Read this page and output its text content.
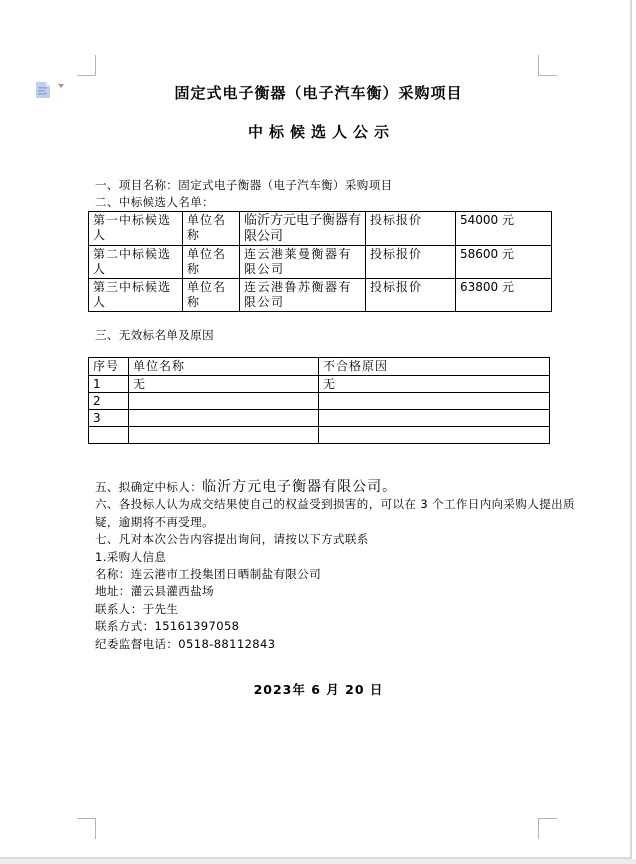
固定式电子衡器（电子汽车衡）采购项目
中标候选人公示
一、项目名称：固定式电子衡器（电子汽车衡）采购项目
二、中标候选人名单：
第一中标候选人	单位名称	临沂方元电子衡器有限公司	投标报价	54000 元
第二中标候选人	单位名称	连云港莱曼衡器有限公司	投标报价	58600 元
第三中标候选人	单位名称	连云港鲁苏衡器有限公司	投标报价	63800 元
三、无效标名单及原因
序号	单位名称	不合格原因
1	无	无
2		
3		

五、拟确定中标人：临沂方元电子衡器有限公司。

六、各投标人认为成交结果使自己的权益受到损害的，可以在 3 个工作日内向采购人提出质

疑，逾期将不再受理。

七、凡对本次公告内容提出询问，请按以下方式联系

1.采购人信息

名称：连云港市工投集团日晒制盐有限公司

地址：灌云县灌西盐场

联系人：于先生

联系方式：15161397058

纪委监督电话：0518-88112843

2023年 6 月 20 日
